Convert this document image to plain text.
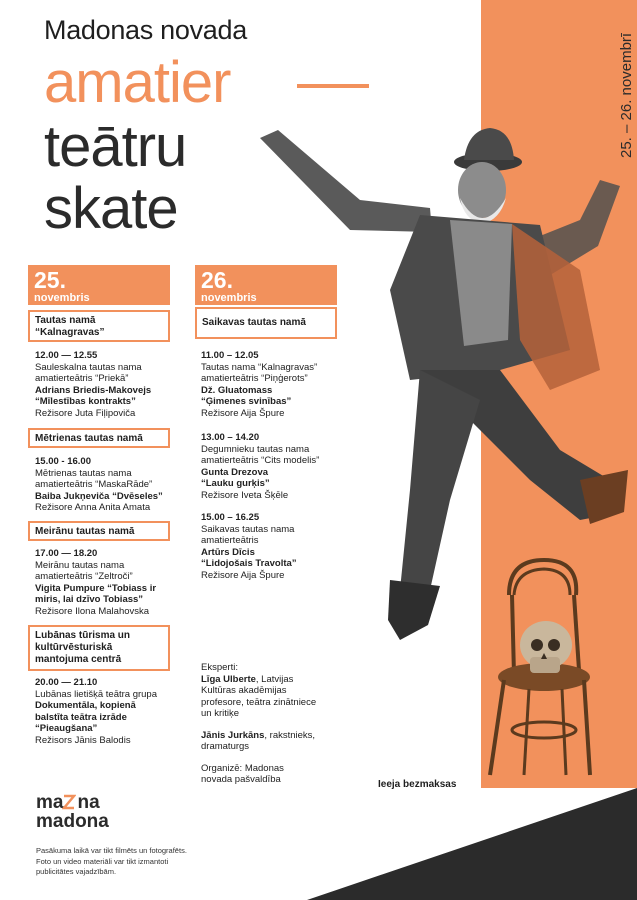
25. – 26. novembrī
Madonas novada
amatier
teātru
skate
25.
novembris
Tautas namā
“Kalnagravas”
12.00 — 12.55
Sauleskalna tautas nama
amatierteātris “Priekā”
Adrians Briedis-Makovejs
“Mīlestības kontrakts”
Režisore Juta Fiļipoviča
Mētrienas tautas namā
15.00 - 16.00
Mētrienas tautas nama
amatierteātris “MaskaRāde”
Baiba Jukņeviča “Dvēseles”
Režisore Anna Anita Amata
Meirānu tautas namā
17.00 — 18.20
Meirānu tautas nama
amatierteātris “Zeltroči”
Vigita Pumpure “Tobiass ir
miris, lai dzīvo Tobiass”
Režisore Ilona Malahovska
Lubānas tūrisma un
kultūrvēsturiskā
mantojuma centrā
20.00 — 21.10
Lubānas lietišķā teātra grupa
Dokumentāla, kopienā
balstīta teātra izrāde
“Pieaugšana”
Režisors Jānis Balodis
26.
novembris
Saikavas tautas namā
11.00 – 12.05
Tautas nama “Kalnagravas”
amatierteātris “Piņģerots”
Dž. Gluatomass
“Ģimenes svinības”
Režisore Aija Špure
13.00 – 14.20
Degumnieku tautas nama
amatierteātris “Cits modelis”
Gunta Drezova
“Lauku gurķis”
Režisore Iveta Šķēle
15.00 – 16.25
Saikavas tautas nama
amatierteātris
Artūrs Dīcis
“Lidojošais Travolta”
Režisore Aija Špure
Eksperti:
Līga Ulberte, Latvijas
Kultūras akadēmijas
profesore, teātra zinātniece
un kritiķe
Jānis Jurkāns, rakstnieks,
dramaturgs
Organizē: Madonas
novada pašvaldība	Ieeja bezmaksas
ma na
madona
Pasākuma laikā var tikt filmēts un fotografēts.
Foto un video materiāli var tikt izmantoti
publicitātes vajadzībām.
